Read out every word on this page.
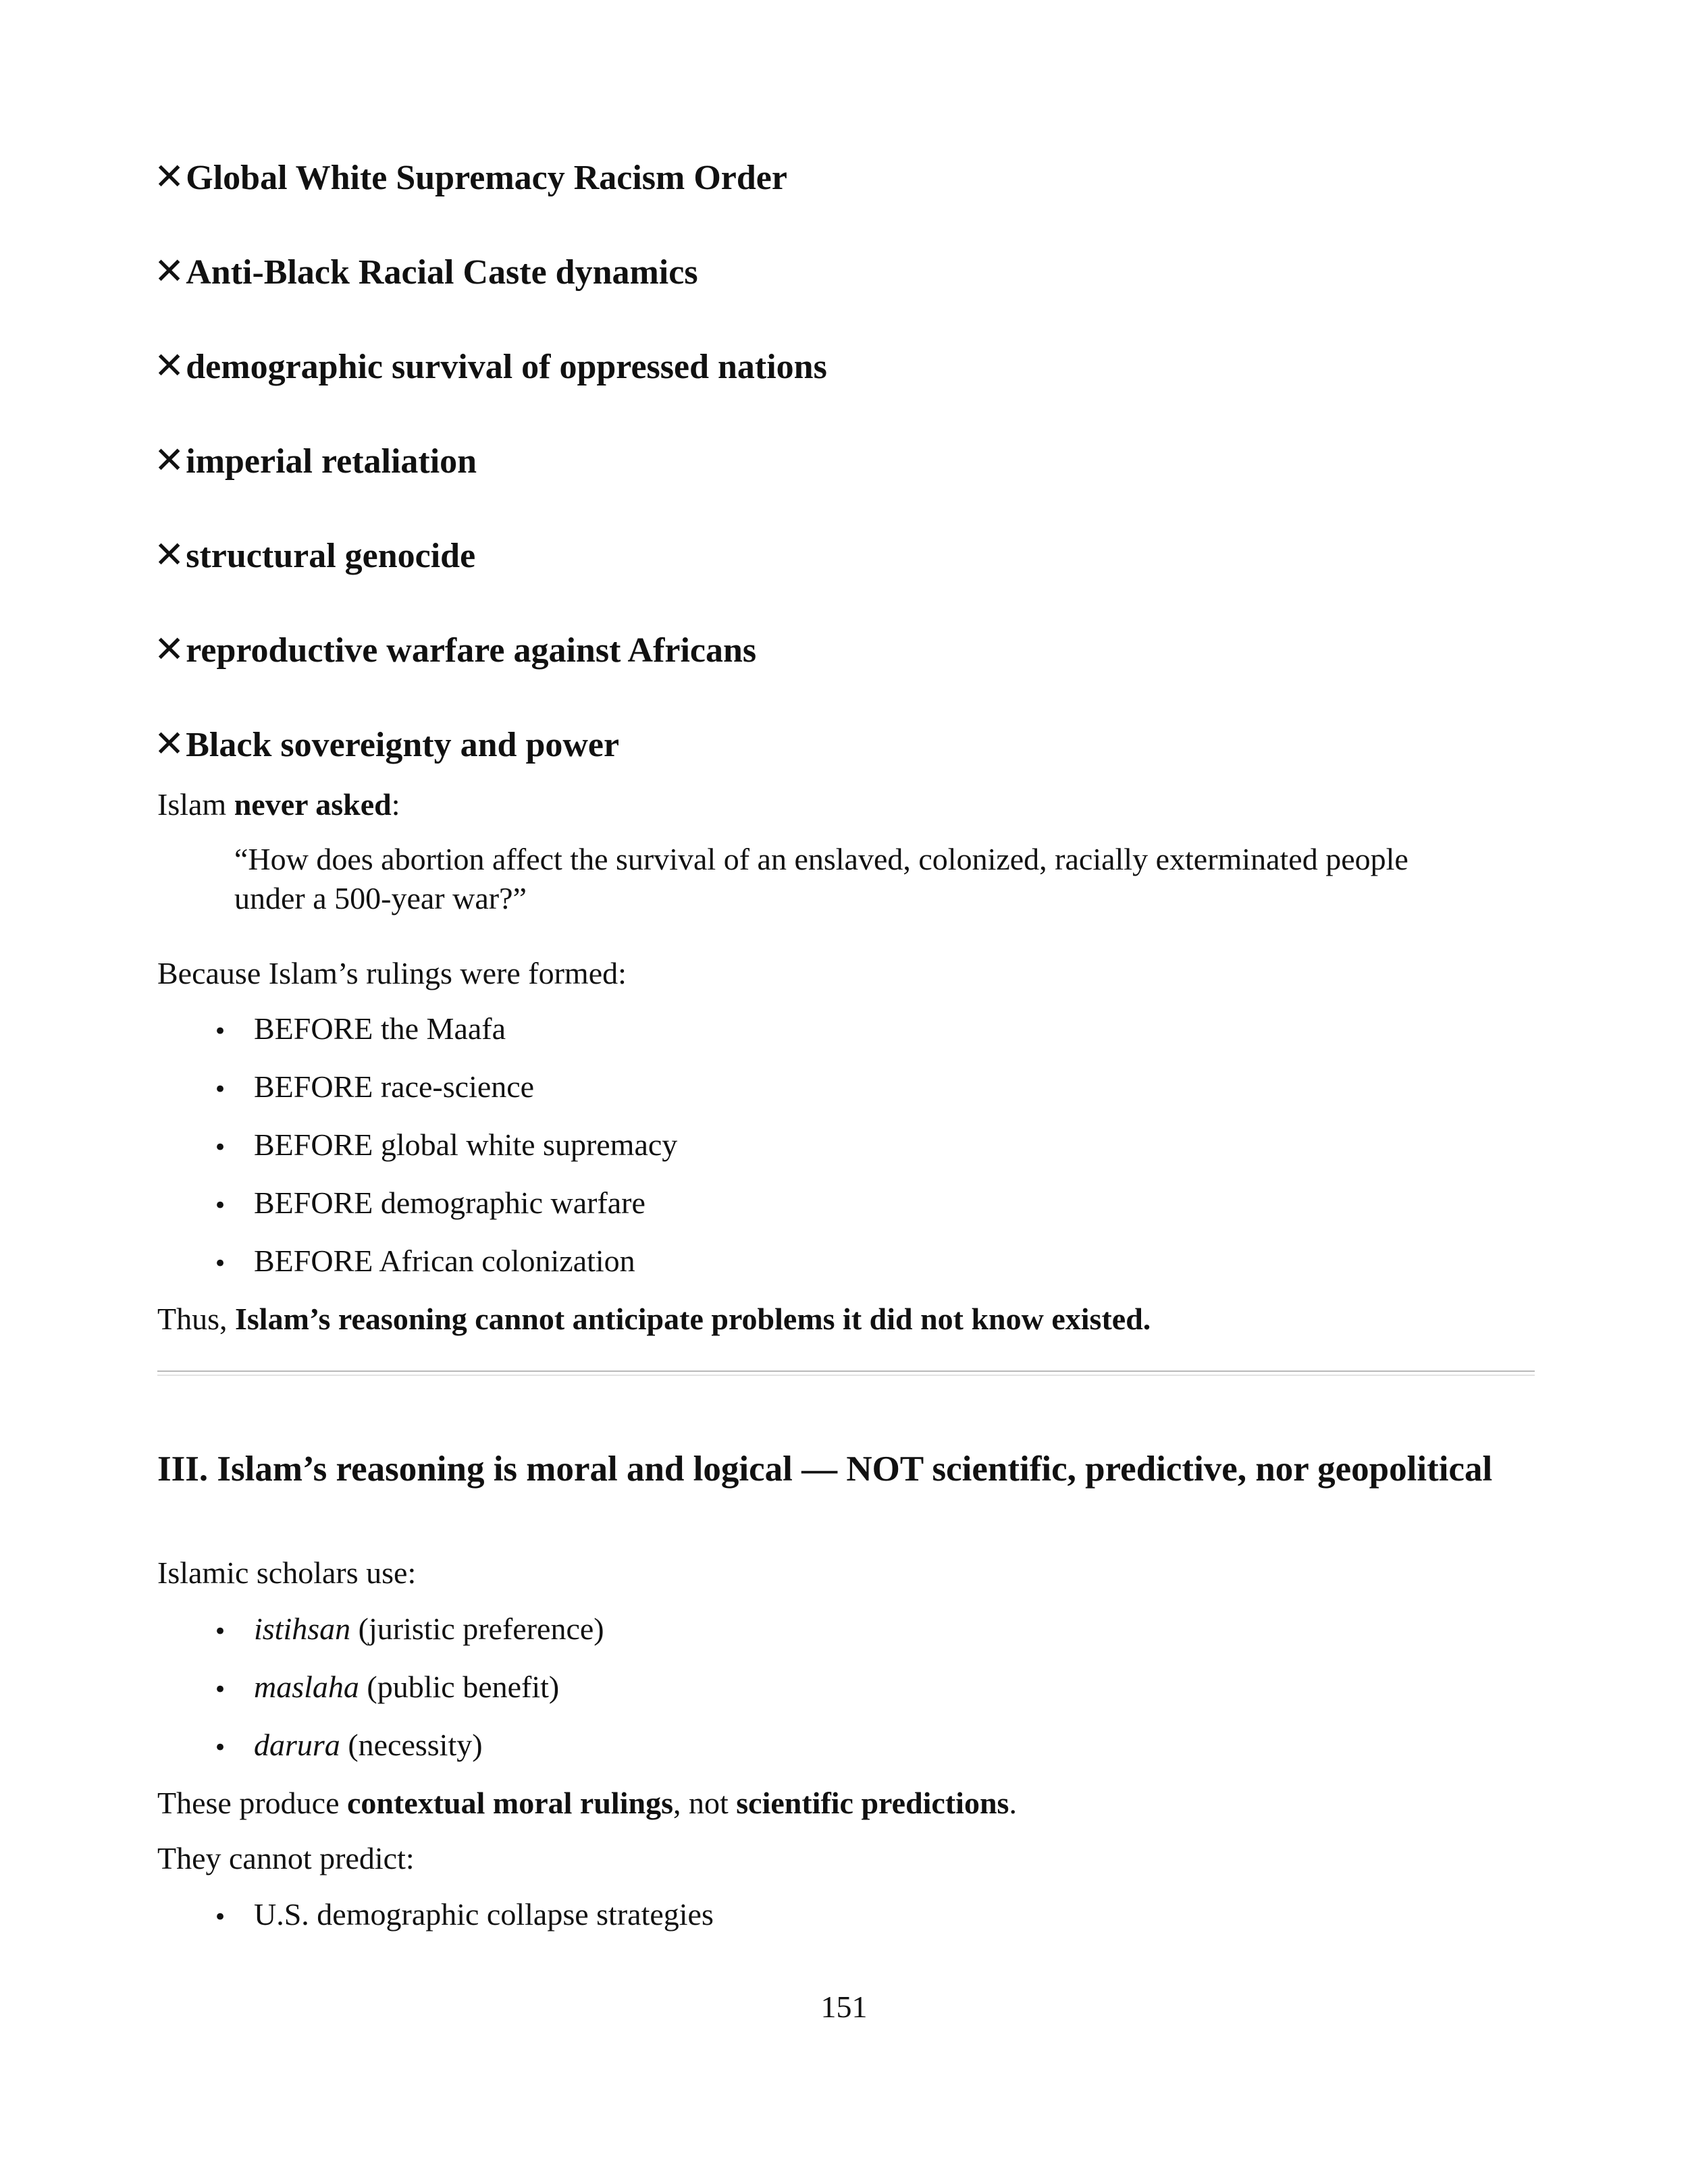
✕Global White Supremacy Racism Order
✕Anti-Black Racial Caste dynamics
✕demographic survival of oppressed nations
✕imperial retaliation
✕structural genocide
✕reproductive warfare against Africans
✕Black sovereignty and power
Islam never asked:
“How does abortion affect the survival of an enslaved, colonized, racially exterminated people under a 500-year war?”
Because Islam’s rulings were formed:
• BEFORE the Maafa
• BEFORE race-science
• BEFORE global white supremacy
• BEFORE demographic warfare
• BEFORE African colonization
Thus, Islam’s reasoning cannot anticipate problems it did not know existed.
III. Islam’s reasoning is moral and logical — NOT scientific, predictive, nor geopolitical
Islamic scholars use:
• istihsan (juristic preference)
• maslaha (public benefit)
• darura (necessity)
These produce contextual moral rulings, not scientific predictions.
They cannot predict:
• U.S. demographic collapse strategies
151
